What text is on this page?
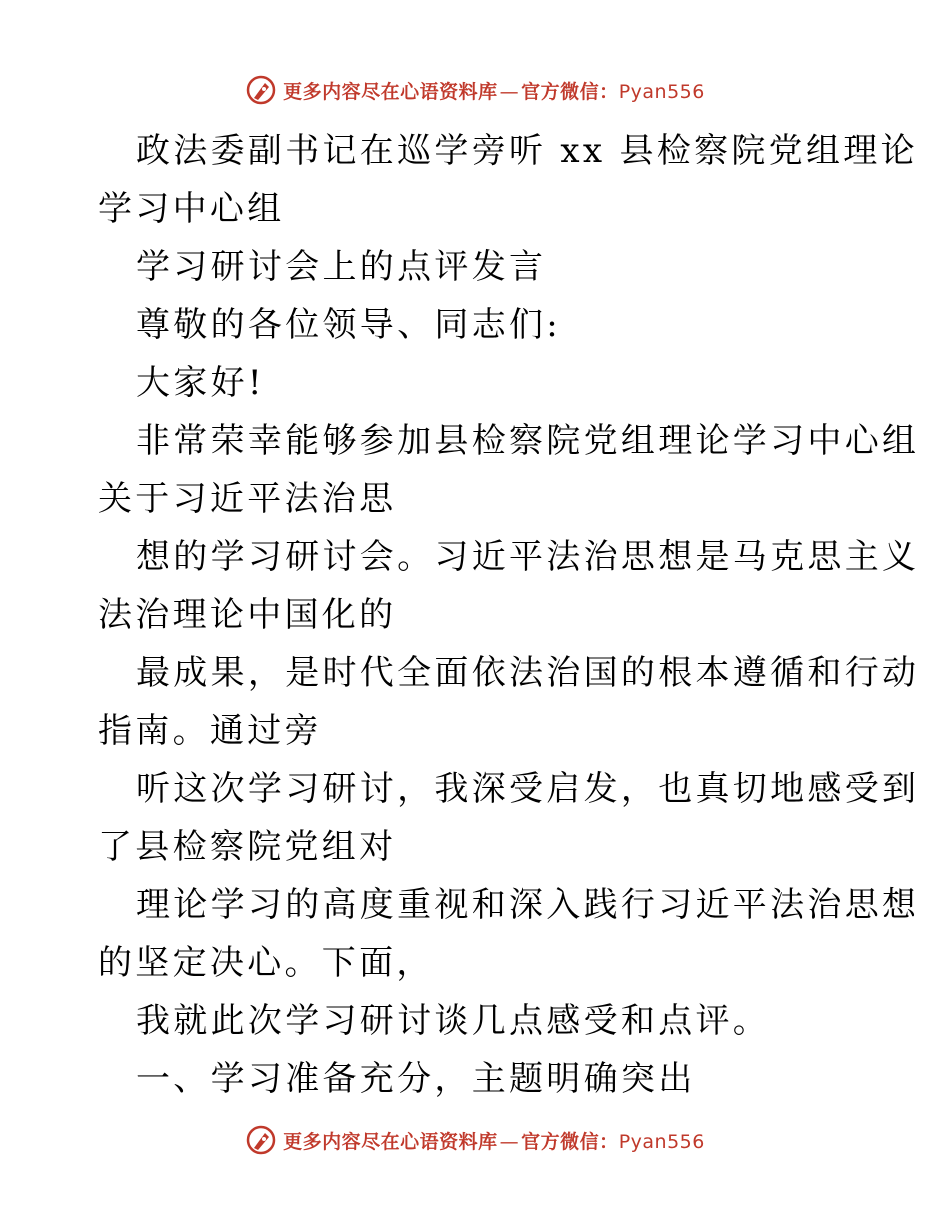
更多内容尽在心语资料库 — 官方微信：Pyan556

政法委副书记在巡学旁听 xx 县检察院党组理论
学习中心组

学习研讨会上的点评发言

尊敬的各位领导、同志们:

大家好!

非常荣幸能够参加县检察院党组理论学习中心组
关于习近平法治思

想的学习研讨会。习近平法治思想是马克思主义
法治理论中国化的

最成果，是时代全面依法治国的根本遵循和行动
指南。通过旁

听这次学习研讨，我深受启发，也真切地感受到
了县检察院党组对

理论学习的高度重视和深入践行习近平法治思想
的坚定决心。下面，

我就此次学习研讨谈几点感受和点评。

一、学习准备充分，主题明确突出

更多内容尽在心语资料库 — 官方微信：Pyan556
